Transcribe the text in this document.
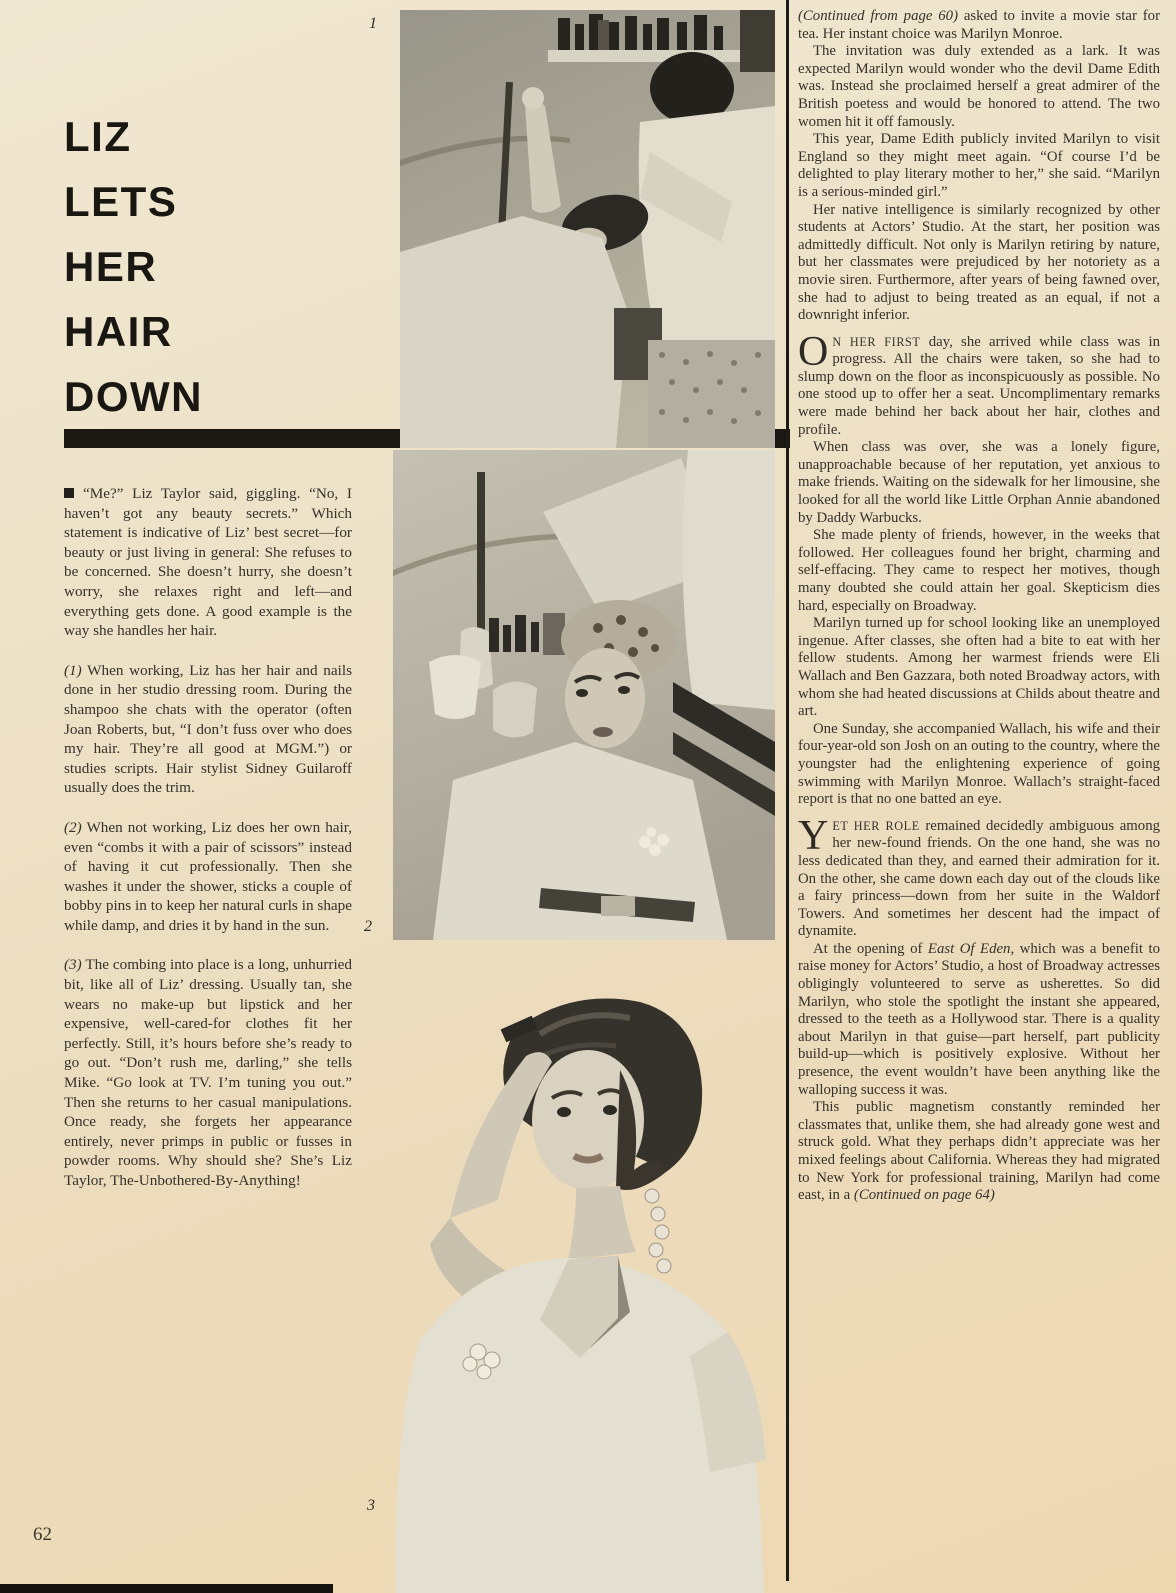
LIZ
LETS
HER
HAIR
DOWN

“Me?” Liz Taylor said, giggling. “No, I haven’t got any beauty secrets.” Which statement is indicative of Liz’ best secret—for beauty or just living in general: She refuses to be concerned. She doesn’t hurry, she doesn’t worry, she relaxes right and left—and everything gets done. A good example is the way she handles her hair.

(1) When working, Liz has her hair and nails done in her studio dressing room. During the shampoo she chats with the operator (often Joan Roberts, but, “I don’t fuss over who does my hair. They’re all good at MGM.”) or studies scripts. Hair stylist Sidney Guilaroff usually does the trim.

(2) When not working, Liz does her own hair, even “combs it with a pair of scissors” instead of having it cut professionally. Then she washes it under the shower, sticks a couple of bobby pins in to keep her natural curls in shape while damp, and dries it by hand in the sun.

(3) The combing into place is a long, unhurried bit, like all of Liz’ dressing. Usually tan, she wears no make-up but lipstick and her expensive, well-cared-for clothes fit her perfectly. Still, it’s hours before she’s ready to go out. “Don’t rush me, darling,” she tells Mike. “Go look at TV. I’m tuning you out.” Then she returns to her casual manipulations. Once ready, she forgets her appearance entirely, never primps in public or fusses in powder rooms. Why should she? She’s Liz Taylor, The-Unbothered-By-Anything!

62
1
2
3

(Continued from page 60) asked to invite a movie star for tea. Her instant choice was Marilyn Monroe.

The invitation was duly extended as a lark. It was expected Marilyn would wonder who the devil Dame Edith was. Instead she proclaimed herself a great admirer of the British poetess and would be honored to attend. The two women hit it off famously.

This year, Dame Edith publicly invited Marilyn to visit England so they might meet again. “Of course I’d be delighted to play literary mother to her,” she said. “Marilyn is a serious-minded girl.”

Her native intelligence is similarly recognized by other students at Actors’ Studio. At the start, her position was admittedly difficult. Not only is Marilyn retiring by nature, but her classmates were prejudiced by her notoriety as a movie siren. Furthermore, after years of being fawned over, she had to adjust to being treated as an equal, if not a downright inferior.

O N HER FIRST day, she arrived while class was in progress. All the chairs were taken, so she had to slump down on the floor as inconspicuously as possible. No one stood up to offer her a seat. Uncomplimentary remarks were made behind her back about her hair, clothes and profile.

When class was over, she was a lonely figure, unapproachable because of her reputation, yet anxious to make friends. Waiting on the sidewalk for her limousine, she looked for all the world like Little Orphan Annie abandoned by Daddy Warbucks.

She made plenty of friends, however, in the weeks that followed. Her colleagues found her bright, charming and self-effacing. They came to respect her motives, though many doubted she could attain her goal. Skepticism dies hard, especially on Broadway.

Marilyn turned up for school looking like an unemployed ingenue. After classes, she often had a bite to eat with her fellow students. Among her warmest friends were Eli Wallach and Ben Gazzara, both noted Broadway actors, with whom she had heated discussions at Childs about theatre and art.

One Sunday, she accompanied Wallach, his wife and their four-year-old son Josh on an outing to the country, where the youngster had the enlightening experience of going swimming with Marilyn Monroe. Wallach’s straight-faced report is that no one batted an eye.

YET HER ROLE remained decidedly ambiguous among her new-found friends. On the one hand, she was no less dedicated than they, and earned their admiration for it. On the other, she came down each day out of the clouds like a fairy princess—down from her suite in the Waldorf Towers. And sometimes her descent had the impact of dynamite.

At the opening of East Of Eden, which was a benefit to raise money for Actors’ Studio, a host of Broadway actresses obligingly volunteered to serve as usherettes. So did Marilyn, who stole the spotlight the instant she appeared, dressed to the teeth as a Hollywood star. There is a quality about Marilyn in that guise—part herself, part publicity build-up—which is positively explosive. Without her presence, the event wouldn’t have been anything like the walloping success it was.

This public magnetism constantly reminded her classmates that, unlike them, she had already gone west and struck gold. What they perhaps didn’t appreciate was her mixed feelings about California. Whereas they had migrated to New York for professional training, Marilyn had come east, in a (Continued on page 64)
